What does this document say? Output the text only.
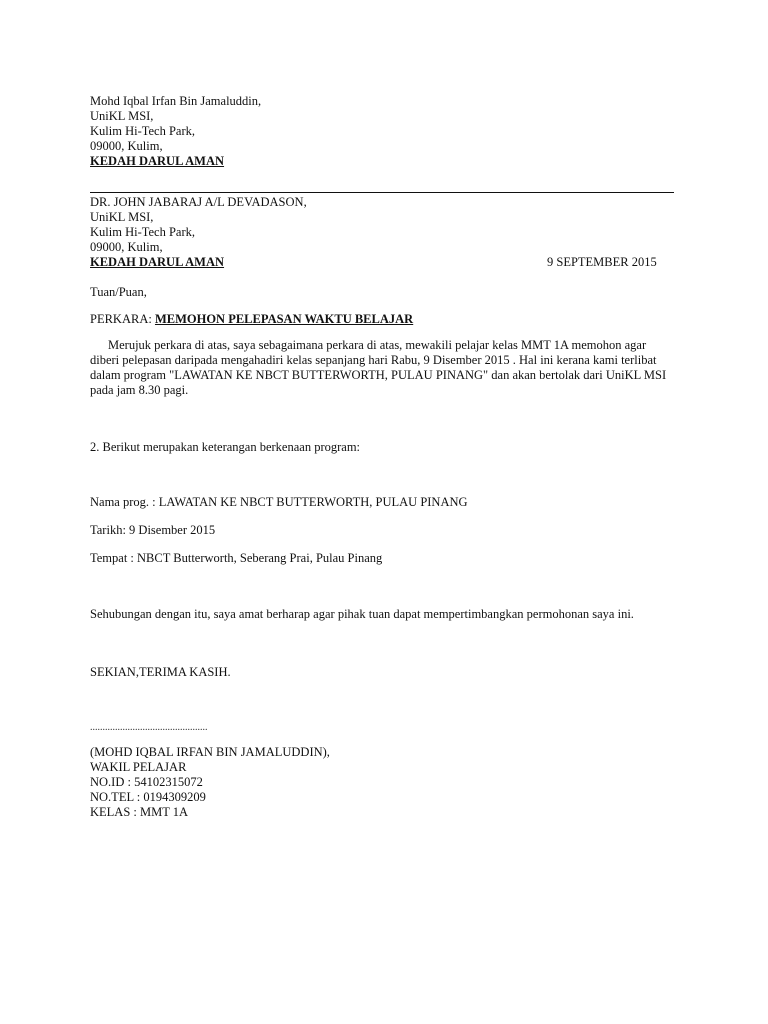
Mohd Iqbal Irfan Bin Jamaluddin,
UniKL MSI,
Kulim Hi-Tech Park,
09000, Kulim,
KEDAH DARUL AMAN
DR. JOHN JABARAJ A/L DEVADASON,
UniKL MSI,
Kulim Hi-Tech Park,
09000, Kulim,
KEDAH DARUL AMAN	9 SEPTEMBER 2015
Tuan/Puan,
PERKARA: MEMOHON PELEPASAN WAKTU BELAJAR
Merujuk perkara di atas, saya sebagaimana perkara di atas, mewakili pelajar kelas MMT 1A memohon agar
diberi pelepasan daripada mengahadiri kelas sepanjang hari Rabu, 9 Disember 2015 . Hal ini kerana kami terlibat
dalam program "LAWATAN KE NBCT BUTTERWORTH, PULAU PINANG" dan akan bertolak dari UniKL MSI
pada jam 8.30 pagi.
2. Berikut merupakan keterangan berkenaan program:
Nama prog. : LAWATAN KE NBCT BUTTERWORTH, PULAU PINANG
Tarikh: 9 Disember 2015
Tempat : NBCT Butterworth, Seberang Prai, Pulau Pinang
Sehubungan dengan itu, saya amat berharap agar pihak tuan dapat mempertimbangkan permohonan saya ini.
SEKIAN,TERIMA KASIH.
...............................................
(MOHD IQBAL IRFAN BIN JAMALUDDIN),
WAKIL PELAJAR
NO.ID : 54102315072
NO.TEL : 0194309209
KELAS : MMT 1A
